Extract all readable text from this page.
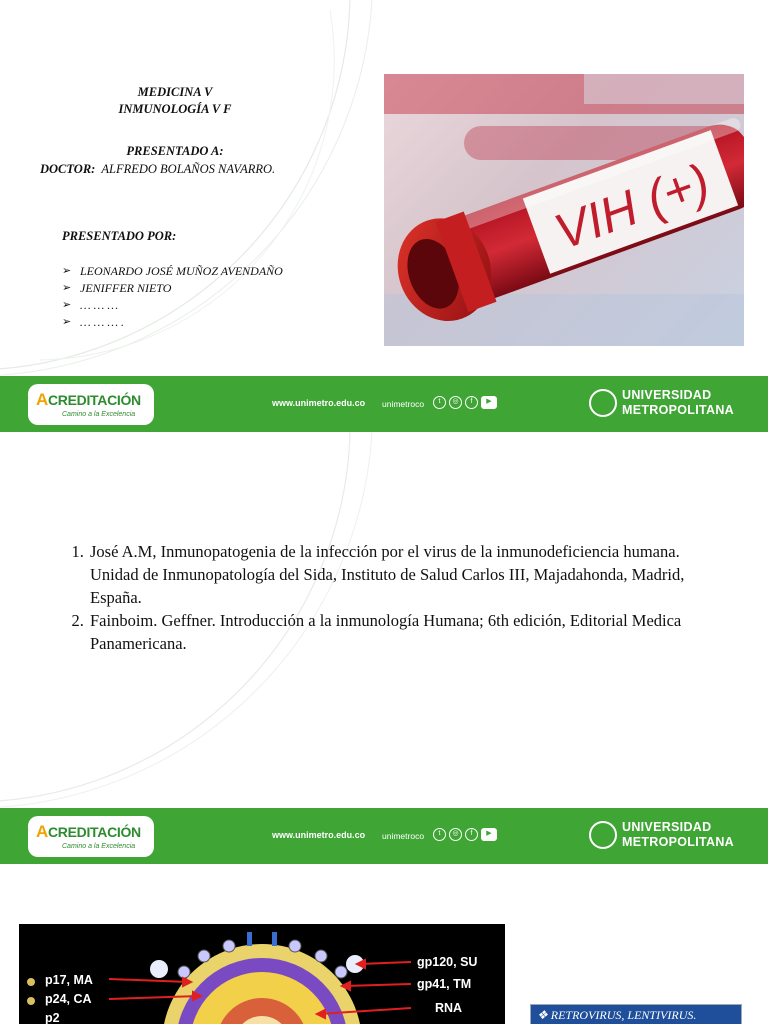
MEDICINA V
INMUNOLOGÍA V F
PRESENTADO A:
DOCTOR: ALFREDO BOLAÑOS NAVARRO.
PRESENTADO POR:
➢ LEONARDO JOSÉ MUÑOZ AVENDAÑO
➢ JENIFFER NIETO
➢ … … …
➢ … … … .
VIH (+)
ACREDITACIÓN
Camino a la Excelencia
www.unimetro.edu.co unimetroco	t	◎	f	▶	UNIVERSIDAD
METROPOLITANA
1. José A.M, Inmunopatogenia de la infección por el virus de la inmunodeficiencia humana. Unidad de Inmunopatología del Sida, Instituto de Salud Carlos III, Majadahonda, Madrid, España.
2. Fainboim. Geffner. Introducción a la inmunología Humana; 6th edición, Editorial Medica Panamericana.
ACREDITACIÓN
Camino a la Excelencia
www.unimetro.edu.co unimetroco	t	◎	f	▶	UNIVERSIDAD
METROPOLITANA
p17, MA
p24, CA
p2
gp120, SU
gp41, TM
RNA	❖ RETROVIRUS, LENTIVIRUS.
